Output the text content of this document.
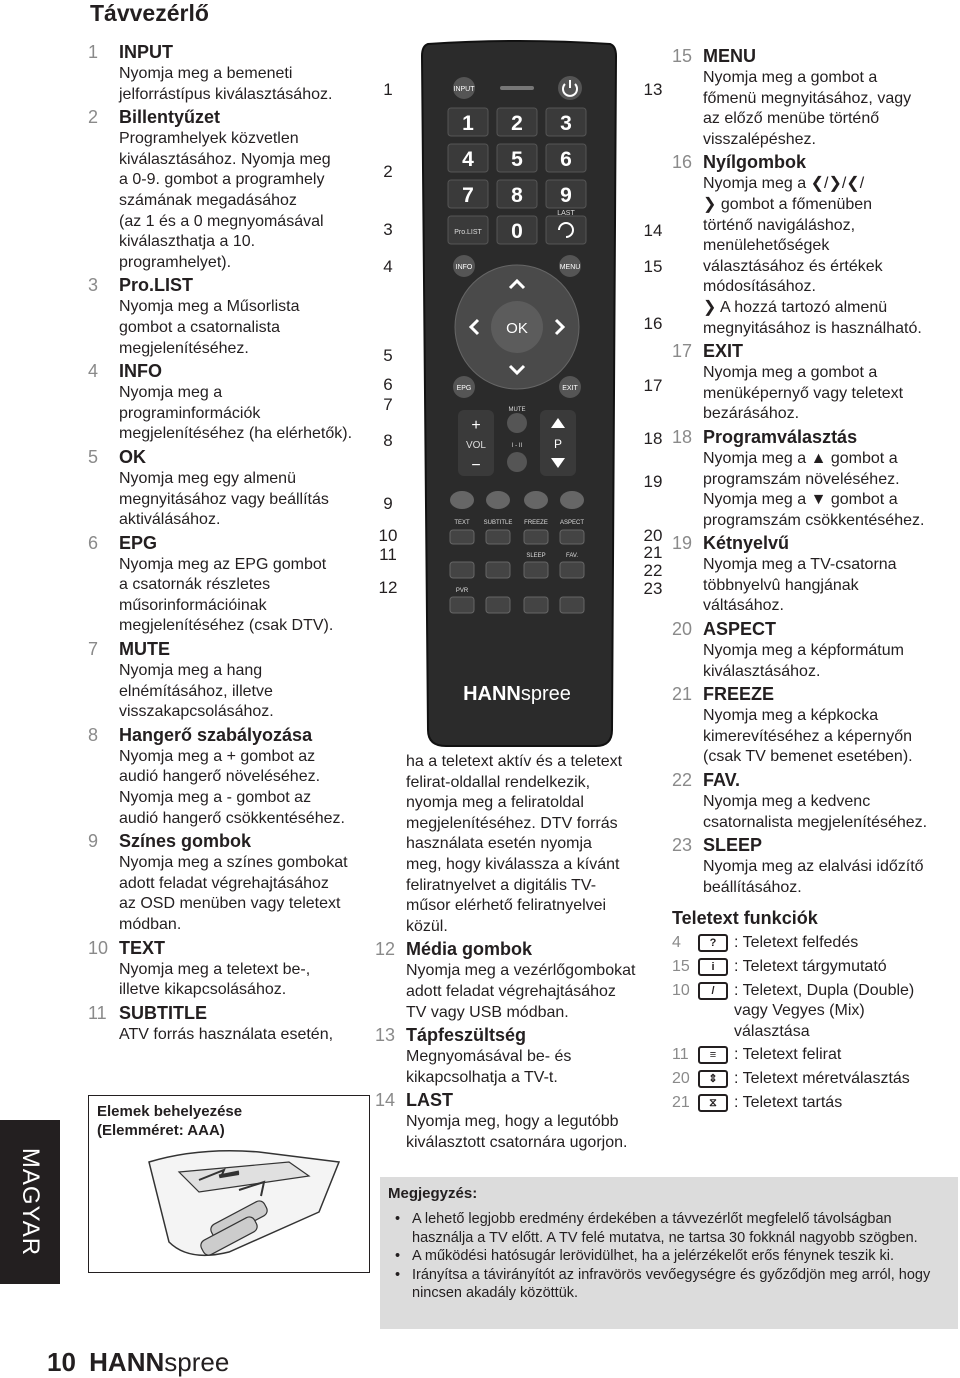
Távvezérlő
1 INPUT
Nyomja meg a bemeneti
jelforrástípus kiválasztásához.
2 Billentyűzet
Programhelyek közvetlen
kiválasztásához. Nyomja meg
a 0-9. gombot a programhely
számának megadásához
(az 1 és a 0 megnyomásával
kiválaszthatja a 10.
programhelyet).
3 Pro.LIST
Nyomja meg a Műsorlista
gombot a csatornalista
megjelenítéséhez.
4 INFO
Nyomja meg a
programinformációk
megjelenítéséhez (ha elérhetők).
5 OK
Nyomja meg egy almenü
megnyitásához vagy beállítás
aktiválásához.
6 EPG
Nyomja meg az EPG gombot
a csatornák részletes
műsorinformációinak
megjelenítéséhez (csak DTV).
7 MUTE
Nyomja meg a hang
elnémításához, illetve
visszakapcsolásához.
8 Hangerő szabályozása
Nyomja meg a + gombot az
audió hangerő növeléséhez.
Nyomja meg a - gombot az
audió hangerő csökkentéséhez.
9 Színes gombok
Nyomja meg a színes gombokat
adott feladat végrehajtásához
az OSD menüben vagy teletext
módban.
10 TEXT
Nyomja meg a teletext be-,
illetve kikapcsolásához.
11 SUBTITLE
ATV forrás használata esetén,
INPUT
1 2 3
4 5 6
7 8 9
0
Pro.LIST
LAST
INFO	MENU
OK
EPG	EXIT
+
VOL
−
P
MUTE
I - II
TEXT SUBTITLE FREEZE ASPECT
SLEEP	FAV.
PVR
HANNspree
1
2
3
4
5
6
7
8
9
10
11
12
13
14
15
16
17
18
19
20
21
22
23
ha a teletext aktív és a teletext
felirat-oldallal rendelkezik,
nyomja meg a feliratoldal
megjelenítéséhez. DTV forrás
használata esetén nyomja
meg, hogy kiválassza a kívánt
feliratnyelvet a digitális TV-
műsor elérhető feliratnyelvei
közül.
12 Média gombok
Nyomja meg a vezérlőgombokat
adott feladat végrehajtásához
TV vagy USB módban.
13 Tápfeszültség
Megnyomásával be- és
kikapcsolhatja a TV-t.
14 LAST
Nyomja meg, hogy a legutóbb
kiválasztott csatornára ugorjon.
15 MENU
Nyomja meg a gombot a
főmenü megnyitásához, vagy
az előző menübe történő
visszalépéshez.
16 Nyílgombok
Nyomja meg a ❮/❯/❮/
❯ gombot a főmenüben
történő navigáláshoz,
menülehetőségek
választásához és értékek
módosításához.
❯ A hozzá tartozó almenü
megnyitásához is használható.
17 EXIT
Nyomja meg a gombot a
menüképernyő vagy teletext
bezárásához.
18 Programválasztás
Nyomja meg a ▲ gombot a
programszám növeléséhez.
Nyomja meg a ▼ gombot a
programszám csökkentéséhez.
19 Kétnyelvű
Nyomja meg a TV-csatorna
többnyelvû hangjának
váltásához.
20 ASPECT
Nyomja meg a képformátum
kiválasztásához.
21 FREEZE
Nyomja meg a képkocka
kimerevítéséhez a képernyőn
(csak TV bemenet esetében).
22 FAV.
Nyomja meg a kedvenc
csatornalista megjelenítéséhez.
23 SLEEP
Nyomja meg az elalvási időzítő
beállításához.
Teletext funkciók
4	?	: Teletext felfedés
15	i	: Teletext tárgymutató
10	/	: Teletext, Dupla (Double)
vagy Vegyes (Mix)
választása
11	≡	: Teletext felirat
20	⇕	: Teletext méretválasztás
21	⧖	: Teletext tartás
Elemek behelyezése
(Elemméret: AAA)
Megjegyzés:
• A lehető legjobb eredmény érdekében a távvezérlőt megfelelő távolságban használja a TV előtt. A TV felé mutatva, ne tartsa 30 fokknál nagyobb szögben.
• A működési hatósugár lerövidülhet, ha a jelérzékelőt erős fénynek teszik ki.
• Irányítsa a távirányítót az infravörös vevőegységre és győződjön meg arról, hogy nincsen akadály közöttük.
MAGYAR
10 HANNspree
